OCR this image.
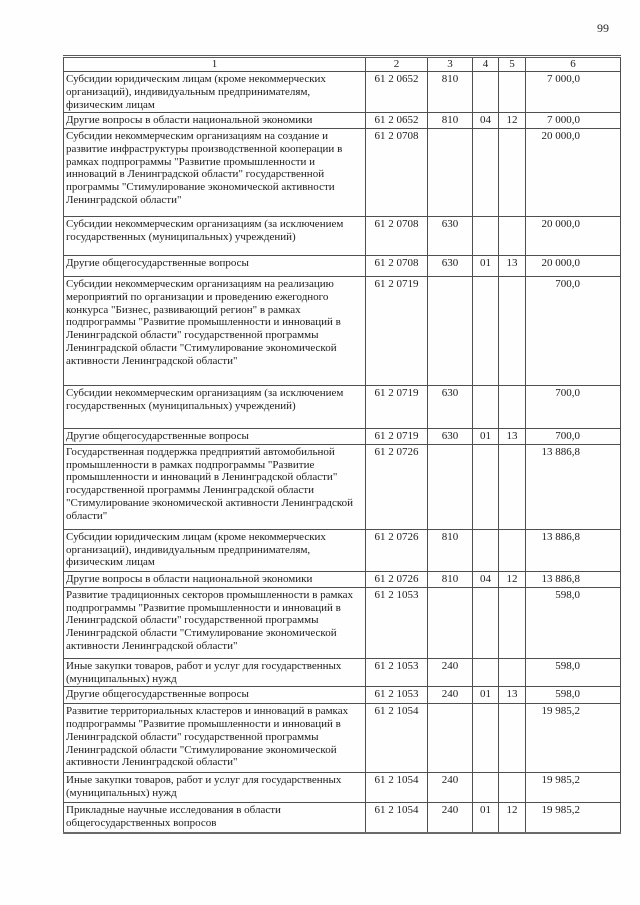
99
1	2	3	4	5	6
Субсидии юридическим лицам (кроме некоммерческих организаций), индивидуальным предпринимателям, физическим лицам	61 2 0652	810			7 000,0
Другие вопросы в области национальной экономики	61 2 0652	810	04	12	7 000,0
Субсидии некоммерческим организациям на создание и развитие инфраструктуры производственной кооперации в рамках подпрограммы "Развитие промышленности и инноваций в Ленинградской области" государственной программы "Стимулирование экономической активности Ленинградской области"	61 2 0708				20 000,0
Субсидии некоммерческим организациям (за исключением государственных (муниципальных) учреждений)	61 2 0708	630			20 000,0
Другие общегосударственные вопросы	61 2 0708	630	01	13	20 000,0
Субсидии некоммерческим организациям на реализацию мероприятий по организации и проведению ежегодного конкурса "Бизнес, развивающий регион" в рамках подпрограммы "Развитие промышленности и инноваций в Ленинградской области" государственной программы Ленинградской области "Стимулирование экономической активности Ленинградской области"	61 2 0719				700,0
Субсидии некоммерческим организациям (за исключением государственных (муниципальных) учреждений)	61 2 0719	630			700,0
Другие общегосударственные вопросы	61 2 0719	630	01	13	700,0
Государственная поддержка предприятий автомобильной промышленности в рамках подпрограммы "Развитие промышленности и инноваций в Ленинградской области" государственной программы Ленинградской области "Стимулирование экономической активности Ленинградской области"	61 2 0726				13 886,8
Субсидии юридическим лицам (кроме некоммерческих организаций), индивидуальным предпринимателям, физическим лицам	61 2 0726	810			13 886,8
Другие вопросы в области национальной экономики	61 2 0726	810	04	12	13 886,8
Развитие традиционных секторов промышленности в рамках подпрограммы "Развитие промышленности и инноваций в Ленинградской области" государственной программы Ленинградской области "Стимулирование экономической активности Ленинградской области"	61 2 1053				598,0
Иные закупки товаров, работ и услуг для государственных (муниципальных) нужд	61 2 1053	240			598,0
Другие общегосударственные вопросы	61 2 1053	240	01	13	598,0
Развитие территориальных кластеров и инноваций в рамках подпрограммы "Развитие промышленности и инноваций в Ленинградской области" государственной программы Ленинградской области "Стимулирование экономической активности Ленинградской области"	61 2 1054				19 985,2
Иные закупки товаров, работ и услуг для государственных (муниципальных) нужд	61 2 1054	240			19 985,2
Прикладные научные исследования в области общегосударственных вопросов	61 2 1054	240	01	12	19 985,2
